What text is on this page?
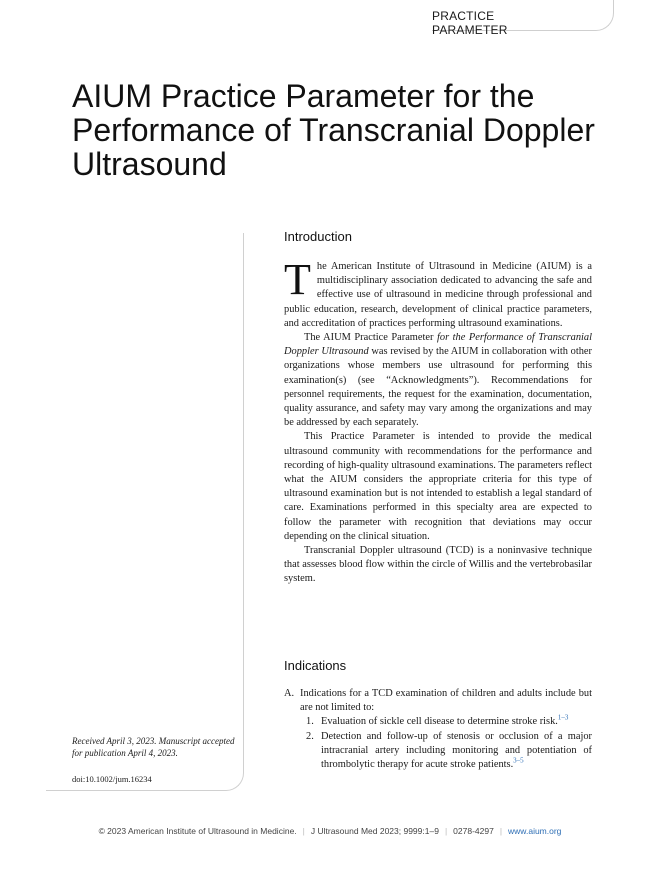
PRACTICE PARAMETER
AIUM Practice Parameter for the Performance of Transcranial Doppler Ultrasound

Received April 3, 2023. Manuscript accepted for publication April 4, 2023.

doi:10.1002/jum.16234
Introduction

The American Institute of Ultrasound in Medicine (AIUM) is a multidisciplinary association dedicated to advancing the safe and effective use of ultrasound in medicine through professional and public education, research, development of clinical practice parameters, and accreditation of practices performing ultrasound examinations.

The AIUM Practice Parameter for the Performance of Transcranial Doppler Ultrasound was revised by the AIUM in collaboration with other organizations whose members use ultrasound for performing this examination(s) (see “Acknowledgments”). Recommendations for personnel requirements, the request for the examination, documentation, quality assurance, and safety may vary among the organizations and may be addressed by each separately.

This Practice Parameter is intended to provide the medical ultrasound community with recommendations for the performance and recording of high-quality ultrasound examinations. The parameters reflect what the AIUM considers the appropriate criteria for this type of ultrasound examination but is not intended to establish a legal standard of care. Examinations performed in this specialty area are expected to follow the parameter with recognition that deviations may occur depending on the clinical situation.

Transcranial Doppler ultrasound (TCD) is a noninvasive technique that assesses blood flow within the circle of Willis and the vertebrobasilar system.

Indications
A. Indications for a TCD examination of children and adults include but are not limited to:
1. Evaluation of sickle cell disease to determine stroke risk.$^{1-3}$
2. Detection and follow-up of stenosis or occlusion of a major intracranial artery including monitoring and potentiation of thrombolytic therapy for acute stroke patients.$^{3-5}$
© 2023 American Institute of Ultrasound in Medicine. | J Ultrasound Med 2023; 9999:1–9 | 0278-4297 | www.aium.org
